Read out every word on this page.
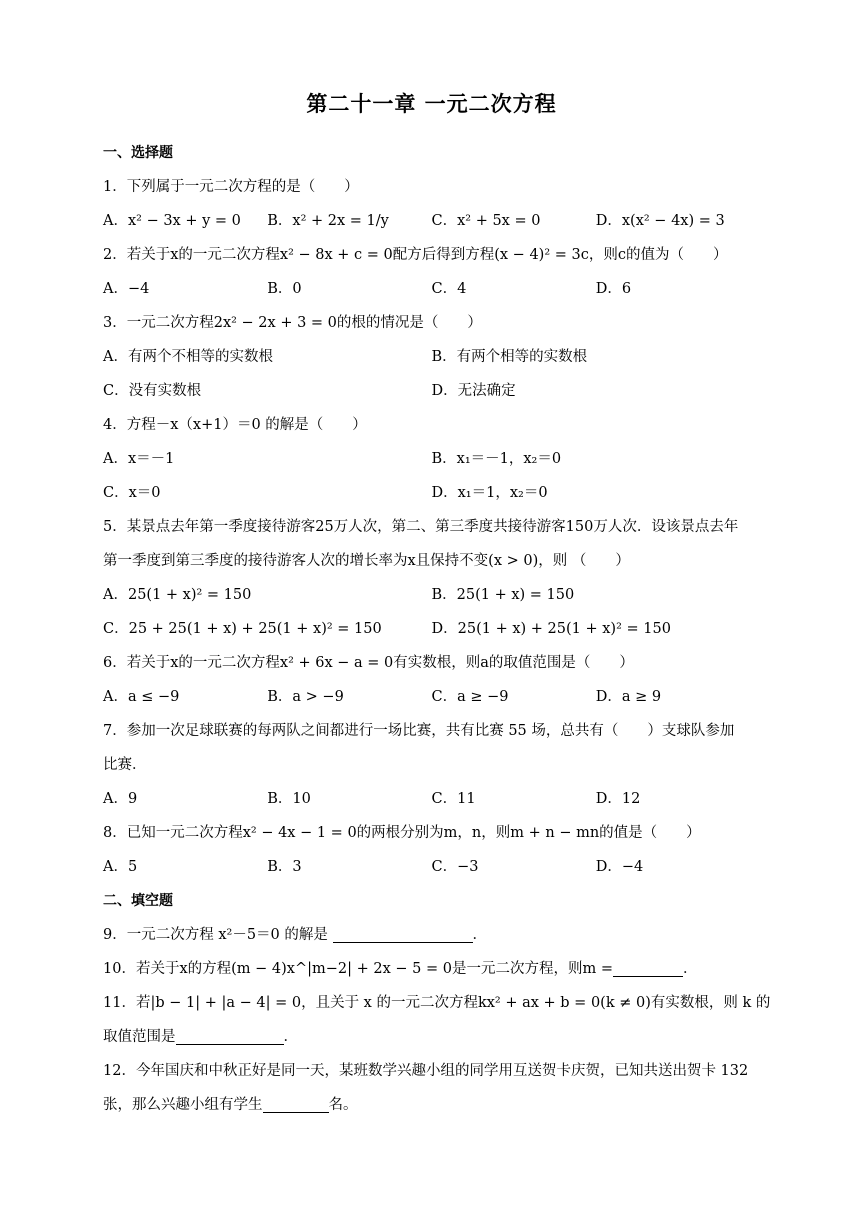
第二十一章 一元二次方程
一、选择题
1．下列属于一元二次方程的是（　　）
A．x² − 3x + y = 0	B．x² + 2x = 1/y	C．x² + 5x = 0	D．x(x² − 4x) = 3
2．若关于x的一元二次方程x² − 8x + c = 0配方后得到方程(x − 4)² = 3c，则c的值为（　　）
A．−4	B．0	C．4	D．6
3．一元二次方程2x² − 2x + 3 = 0的根的情况是（　　）
A．有两个不相等的实数根	B．有两个相等的实数根
C．没有实数根	D．无法确定
4．方程－x（x+1）＝0 的解是（　　）
A．x＝－1	B．x₁＝－1，x₂＝0
C．x＝0	D．x₁＝1，x₂＝0
5．某景点去年第一季度接待游客25万人次，第二、第三季度共接待游客150万人次．设该景点去年
第一季度到第三季度的接待游客人次的增长率为x且保持不变(x > 0)，则 （　　）
A．25(1 + x)² = 150	B．25(1 + x) = 150
C．25 + 25(1 + x) + 25(1 + x)² = 150	D．25(1 + x) + 25(1 + x)² = 150
6．若关于x的一元二次方程x² + 6x − a = 0有实数根，则a的取值范围是（　　）
A．a ≤ −9	B．a > −9	C．a ≥ −9	D．a ≥ 9
7．参加一次足球联赛的每两队之间都进行一场比赛，共有比赛 55 场，总共有（　　）支球队参加
比赛．
A．9	B．10	C．11	D．12
8．已知一元二次方程x² − 4x − 1 = 0的两根分别为m，n，则m + n − mn的值是（　　）
A．5	B．3	C．−3	D．−4
二、填空题
9．一元二次方程 x²－5＝0 的解是	．
10．若关于x的方程(m − 4)x^|m−2| + 2x − 5 = 0是一元二次方程，则m =	．
11．若|b − 1| + |a − 4| = 0，且关于 x 的一元二次方程kx² + ax + b = 0(k ≠ 0)有实数根，则 k 的
取值范围是	．
12．今年国庆和中秋正好是同一天，某班数学兴趣小组的同学用互送贺卡庆贺，已知共送出贺卡 132
张，那么兴趣小组有学生	名。
